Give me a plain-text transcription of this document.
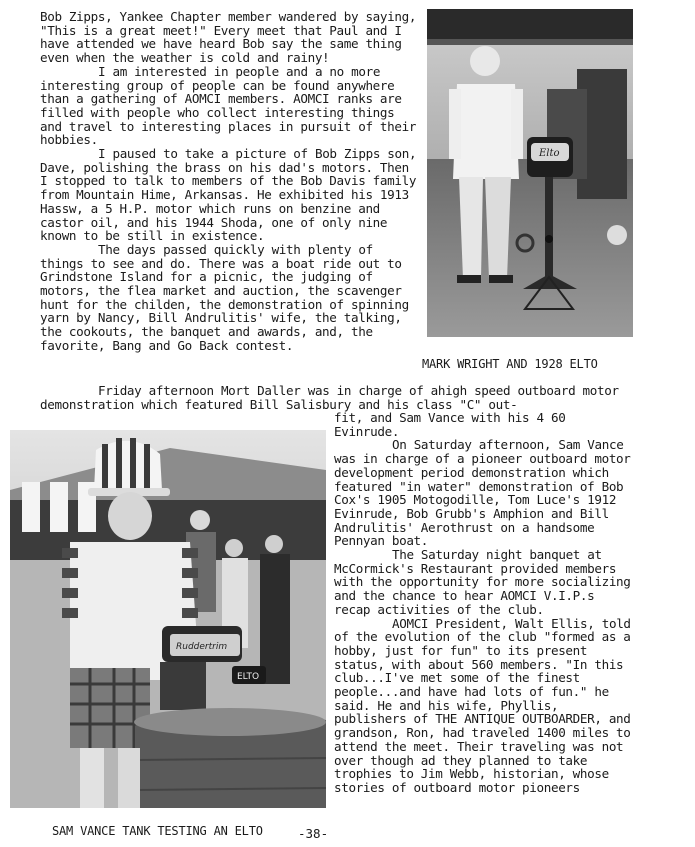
Bob Zipps, Yankee Chapter member wandered by saying, "This is a great meet!" Every meet that Paul and I have attended we have heard Bob say the same thing even when the weather is cold and rainy!

I am interested in people and a no more interesting group of people can be found anywhere than a gathering of AOMCI members. AOMCI ranks are filled with people who collect interesting things and travel to interesting places in pursuit of their hobbies.

I paused to take a picture of Bob Zipps son, Dave, polishing the brass on his dad's motors. Then I stopped to talk to members of the Bob Davis family from Mountain Hime, Arkansas. He exhibited his 1913 Hassw, a 5 H.P. motor which runs on benzine and castor oil, and his 1944 Shoda, one of only nine known to be still in existence.

The days passed quickly with plenty of things to see and do. There was a boat ride out to Grindstone Island for a picnic, the judging of motors, the flea market and auction, the scavenger hunt for the childen, the demonstration of spinning yarn by Nancy, Bill Andrulitis' wife, the talking, the cookouts, the banquet and awards, and, the favorite, Bang and Go Back contest.

Elto
MARK WRIGHT AND 1928 ELTO

Friday afternoon Mort Daller was in charge of ahigh speed outboard motor demonstration which featured Bill Salisbury and his class "C" out-

Ruddertrim
ELTO

fit, and Sam Vance with his 4 60 Evinrude.

On Saturday afternoon, Sam Vance was in charge of a pioneer outboard motor development period demonstration which featured "in water" demonstration of Bob Cox's 1905 Motogodille, Tom Luce's 1912 Evinrude, Bob Grubb's Amphion and Bill Andrulitis' Aerothrust on a handsome Pennyan boat.

The Saturday night banquet at McCormick's Restaurant provided members with the opportunity for more socializing and the chance to hear AOMCI V.I.P.s recap activities of the club.

AOMCI President, Walt Ellis, told of the evolution of the club "formed as a hobby, just for fun" to its present status, with about 560 members. "In this club...I've met some of the finest people...and have had lots of fun." he said. He and his wife, Phyllis, publishers of THE ANTIQUE OUTBOARDER, and grandson, Ron, had traveled 1400 miles to attend the meet. Their traveling was not over though ad they planned to take trophies to Jim Webb, historian, whose stories of outboard motor pioneers

SAM VANCE TANK TESTING AN ELTO	-38-
